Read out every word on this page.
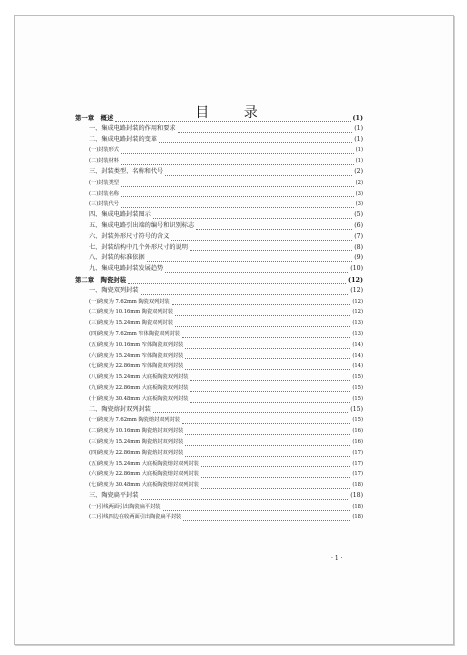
目 录
第一章　概述	(1)
一、集成电路封装的作用和要求	(1)
二、集成电路封装的变革	(1)
(一)封装形式	(1)
(二)封装材料	(1)
三、封装类型、名称和代号	(2)
(一)封装类型	(2)
(二)封装名称	(3)
(三)封装代号	(3)
四、集成电路封装图示	(5)
五、集成电路引出端的编号和识别标志	(6)
六、封装外形尺寸符号的含义	(7)
七、封装结构中几个外形尺寸的说明	(8)
八、封装的标准依据	(9)
九、集成电路封装发展趋势	(10)
第二章　陶瓷封装	(12)
一、陶瓷双列封装	(12)
(一)跨度为 7.62mm 陶瓷双列封装	(12)
(二)跨度为 10.16mm 陶瓷双列封装	(12)
(三)跨度为 15.24mm 陶瓷双列封装	(13)
(四)跨度为 7.62mm 窄体陶瓷双列封装	(13)
(五)跨度为 10.16mm 窄体陶瓷双列封装	(14)
(六)跨度为 15.24mm 窄体陶瓷双列封装	(14)
(七)跨度为 22.86mm 窄体陶瓷双列封装	(14)
(八)跨度为 15.24mm 大底板陶瓷双列封装	(15)
(九)跨度为 22.86mm 大底板陶瓷双列封装	(15)
(十)跨度为 30.48mm 大底板陶瓷双列封装	(15)
二、陶瓷熔封双列封装	(15)
(一)跨度为 7.62mm 陶瓷熔封双列封装	(15)
(二)跨度为 10.16mm 陶瓷熔封双列封装	(16)
(三)跨度为 15.24mm 陶瓷熔封双列封装	(16)
(四)跨度为 22.86mm 陶瓷熔封双列封装	(17)
(五)跨度为 15.24mm 大底板陶瓷熔封双列封装	(17)
(六)跨度为 22.86mm 大底板陶瓷熔封双列封装	(17)
(七)跨度为 30.48mm 大底板陶瓷熔封双列封装	(18)
三、陶瓷扁平封装	(18)
(一)引线两面引出陶瓷扁平封装	(18)
(二)引线四边在收两面引出陶瓷扁平封装	(18)
· 1 ·
